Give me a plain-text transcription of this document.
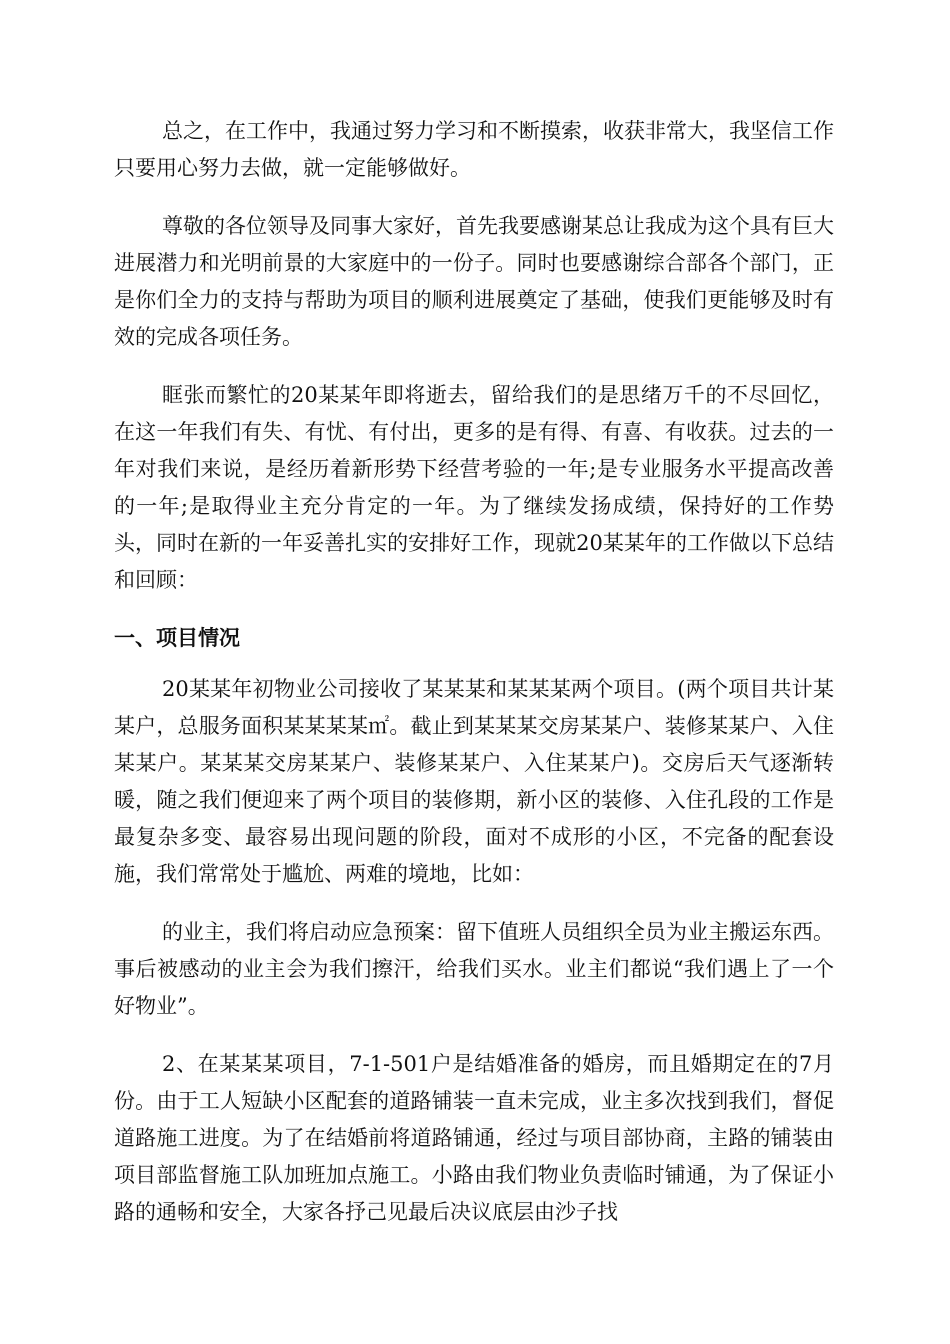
总之，在工作中，我通过努力学习和不断摸索，收获非常大，我坚信工作只要用心努力去做，就一定能够做好。

尊敬的各位领导及同事大家好，首先我要感谢某总让我成为这个具有巨大进展潜力和光明前景的大家庭中的一份子。同时也要感谢综合部各个部门，正是你们全力的支持与帮助为项目的顺利进展奠定了基础，使我们更能够及时有效的完成各项任务。

眶张而繁忙的20某某年即将逝去，留给我们的是思绪万千的不尽回忆，在这一年我们有失、有忧、有付出，更多的是有得、有喜、有收获。过去的一年对我们来说，是经历着新形势下经营考验的一年;是专业服务水平提高改善的一年;是取得业主充分肯定的一年。为了继续发扬成绩，保持好的工作势头，同时在新的一年妥善扎实的安排好工作，现就20某某年的工作做以下总结和回顾：

一、项目情况

20某某年初物业公司接收了某某某和某某某两个项目。(两个项目共计某某户，总服务面积某某某某㎡。截止到某某某交房某某户、装修某某户、入住某某户。某某某交房某某户、装修某某户、入住某某户)。交房后天气逐渐转暖，随之我们便迎来了两个项目的装修期，新小区的装修、入住孔段的工作是最复杂多变、最容易出现问题的阶段，面对不成形的小区，不完备的配套设施，我们常常处于尴尬、两难的境地，比如：

的业主，我们将启动应急预案：留下值班人员组织全员为业主搬运东西。事后被感动的业主会为我们擦汗，给我们买水。业主们都说“我们遇上了一个好物业”。

2、在某某某项目，7-1-501户是结婚准备的婚房，而且婚期定在的7月份。由于工人短缺小区配套的道路铺装一直未完成，业主多次找到我们，督促道路施工进度。为了在结婚前将道路铺通，经过与项目部协商，主路的铺装由项目部监督施工队加班加点施工。小路由我们物业负责临时铺通，为了保证小路的通畅和安全，大家各抒己见最后决议底层由沙子找
